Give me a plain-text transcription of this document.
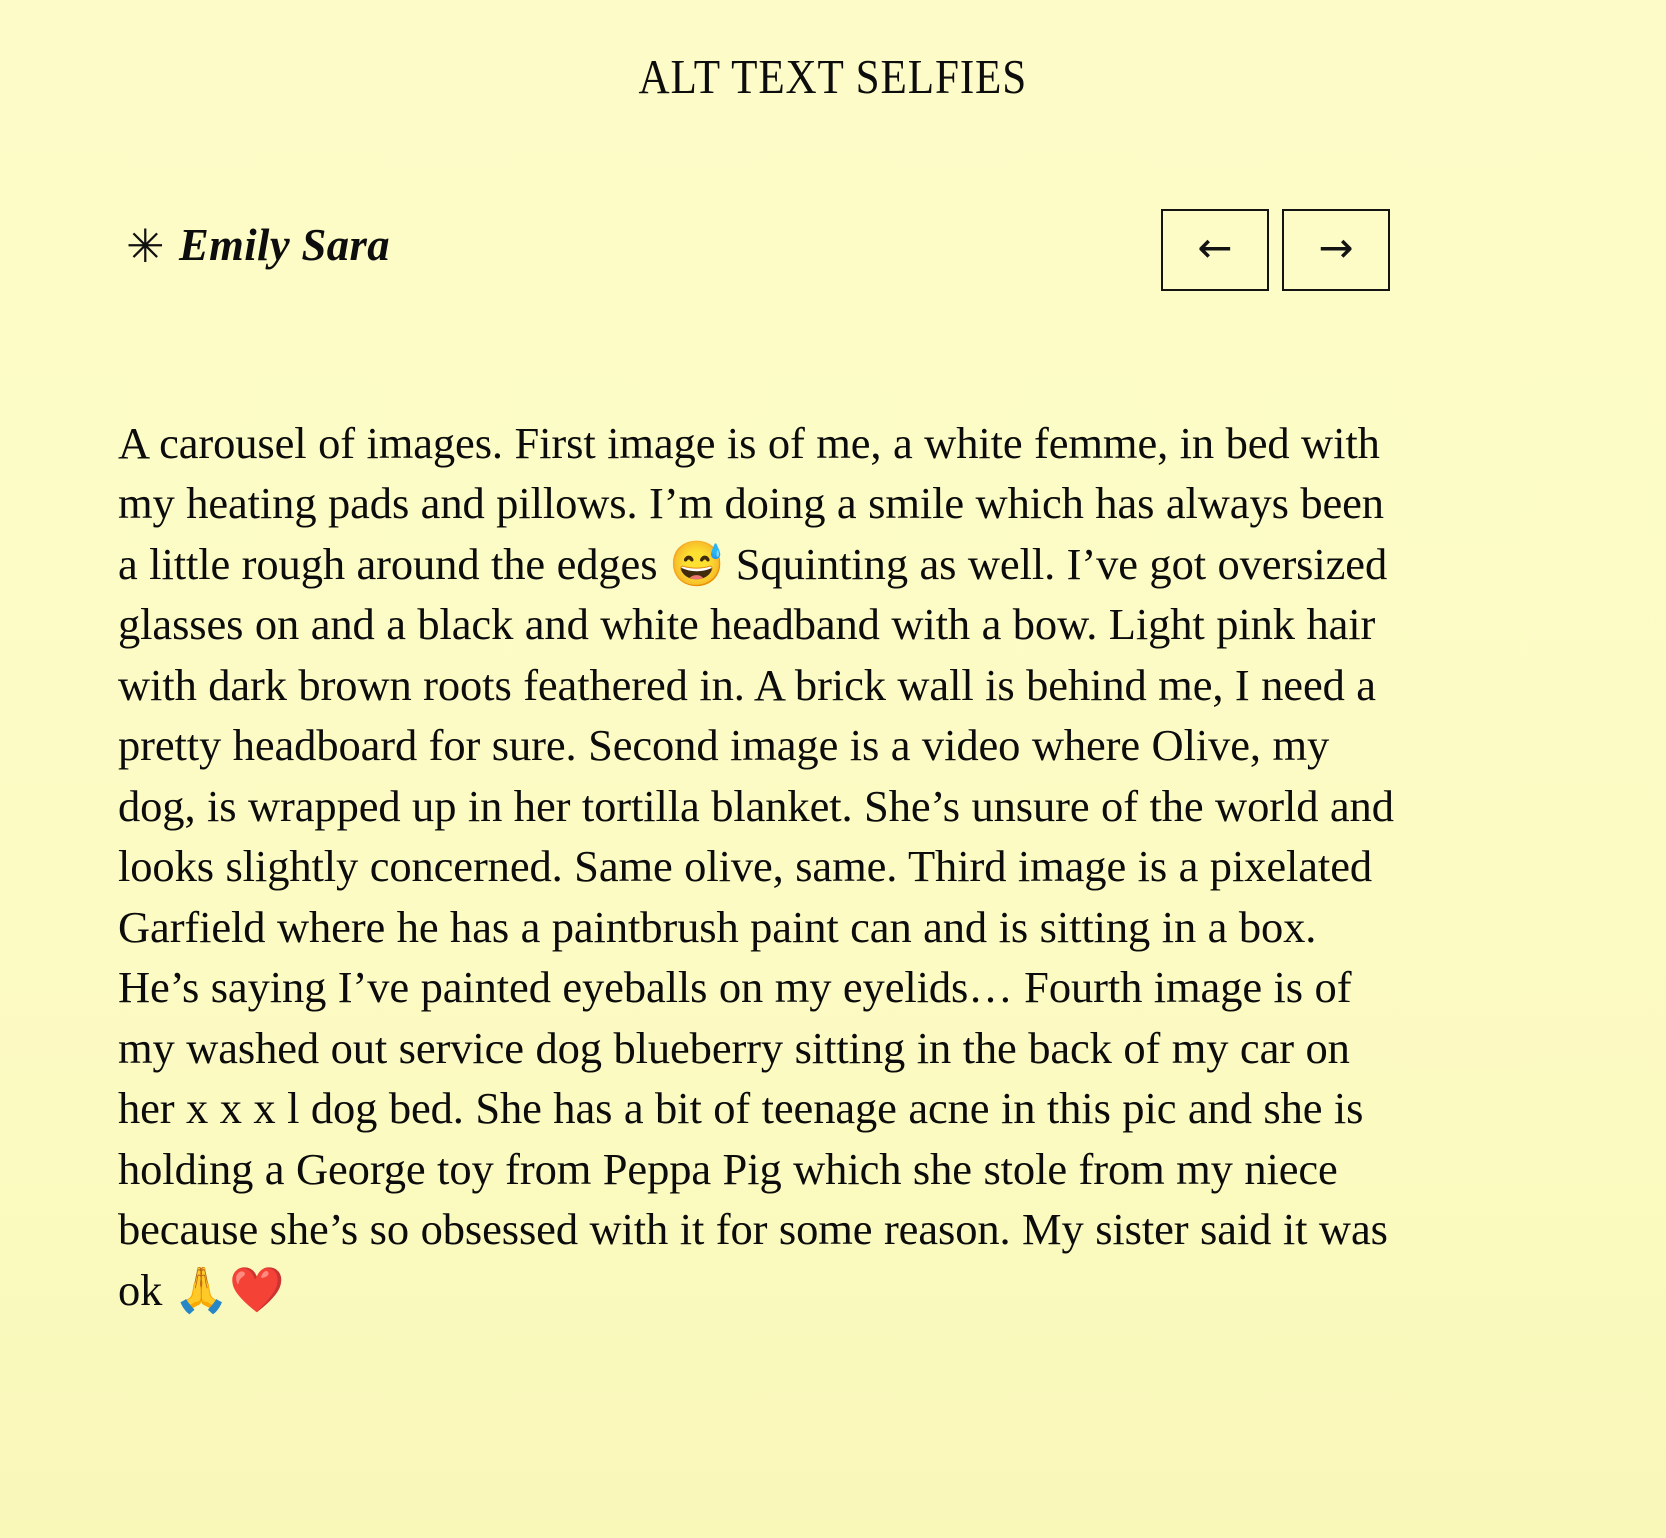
ALT TEXT SELFIES
✳ Emily Sara	← →

A carousel of images. First image is of me, a white femme, in bed with my heating pads and pillows. I’m doing a smile which has always been a little rough around the edges 😅 Squinting as well. I’ve got oversized glasses on and a black and white headband with a bow. Light pink hair with dark brown roots feathered in. A brick wall is behind me, I need a pretty headboard for sure. Second image is a video where Olive, my dog, is wrapped up in her tortilla blanket. She’s unsure of the world and looks slightly concerned. Same olive, same. Third image is a pixelated Garfield where he has a paintbrush paint can and is sitting in a box. He’s saying I’ve painted eyeballs on my eyelids… Fourth image is of my washed out service dog blueberry sitting in the back of my car on her x x x l dog bed. She has a bit of teenage acne in this pic and she is holding a George toy from Peppa Pig which she stole from my niece because she’s so obsessed with it for some reason. My sister said it was ok 🙏❤️
